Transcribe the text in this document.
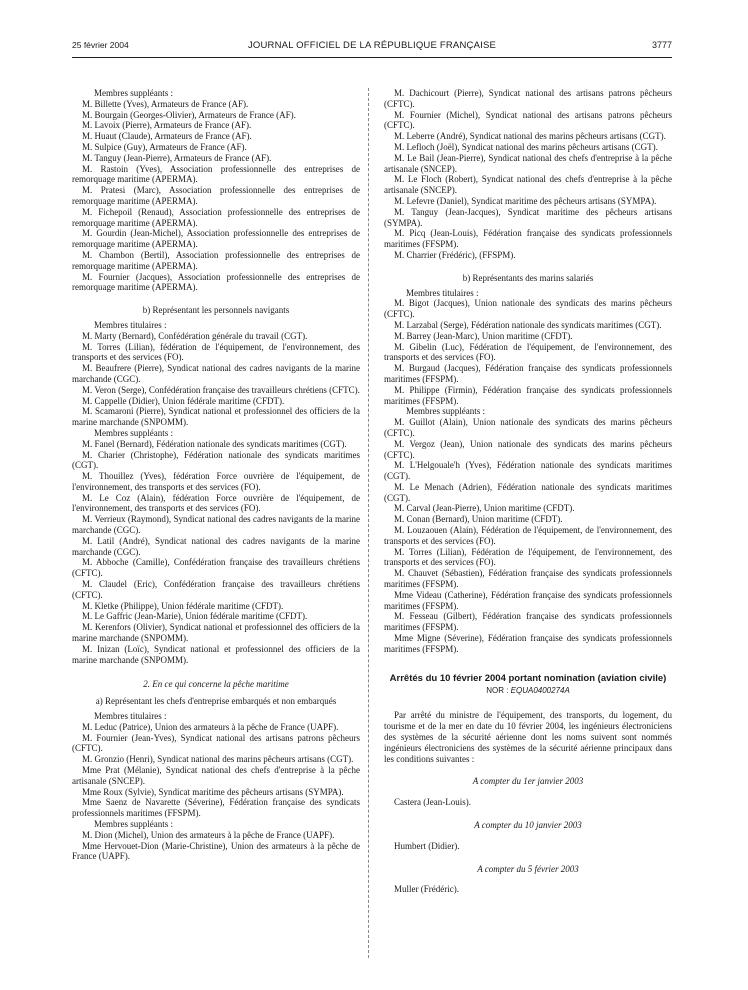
25 février 2004	JOURNAL OFFICIEL DE LA RÉPUBLIQUE FRANÇAISE	3777

Membres suppléants :

M. Billette (Yves), Armateurs de France (AF).

M. Bourgain (Georges-Olivier), Armateurs de France (AF).

M. Lavoix (Pierre), Armateurs de France (AF).

M. Huaut (Claude), Armateurs de France (AF).

M. Sulpice (Guy), Armateurs de France (AF).

M. Tanguy (Jean-Pierre), Armateurs de France (AF).

M. Rastoin (Yves), Association professionnelle des entreprises de remorquage maritime (APERMA).

M. Pratesi (Marc), Association professionnelle des entreprises de remorquage maritime (APERMA).

M. Fichepoil (Renaud), Association professionnelle des entreprises de remorquage maritime (APERMA).

M. Gourdin (Jean-Michel), Association professionnelle des entreprises de remorquage maritime (APERMA).

M. Chambon (Bertil), Association professionnelle des entreprises de remorquage maritime (APERMA).

M. Fournier (Jacques), Association professionnelle des entreprises de remorquage maritime (APERMA).

b) Représentant les personnels navigants

Membres titulaires :

M. Marty (Bernard), Confédération générale du travail (CGT).

M. Torres (Lilian), fédération de l'équipement, de l'environnement, des transports et des services (FO).

M. Beaufrere (Pierre), Syndicat national des cadres navigants de la marine marchande (CGC).

M. Veron (Serge), Confédération française des travailleurs chrétiens (CFTC).

M. Cappelle (Didier), Union fédérale maritime (CFDT).

M. Scamaroni (Pierre), Syndicat national et professionnel des officiers de la marine marchande (SNPOMM).

Membres suppléants :

M. Fanel (Bernard), Fédération nationale des syndicats maritimes (CGT).

M. Charier (Christophe), Fédération nationale des syndicats maritimes (CGT).

M. Thouillez (Yves), fédération Force ouvrière de l'équipement, de l'environnement, des transports et des services (FO).

M. Le Coz (Alain), fédération Force ouvrière de l'équipement, de l'environnement, des transports et des services (FO).

M. Verrieux (Raymond), Syndicat national des cadres navigants de la marine marchande (CGC).

M. Latil (André), Syndicat national des cadres navigants de la marine marchande (CGC).

M. Abboche (Camille), Confédération française des travailleurs chrétiens (CFTC).

M. Claudel (Eric), Confédération française des travailleurs chrétiens (CFTC).

M. Kletke (Philippe), Union fédérale maritime (CFDT).

M. Le Gaffric (Jean-Marie), Union fédérale maritime (CFDT).

M. Kerenfors (Olivier), Syndicat national et professionnel des officiers de la marine marchande (SNPOMM).

M. Inizan (Loïc), Syndicat national et professionnel des officiers de la marine marchande (SNPOMM).

2. En ce qui concerne la pêche maritime
a) Représentant les chefs d'entreprise embarqués et non embarqués

Membres titulaires :

M. Leduc (Patrice), Union des armateurs à la pêche de France (UAPF).

M. Fournier (Jean-Yves), Syndicat national des artisans patrons pêcheurs (CFTC).

M. Gronzio (Henri), Syndicat national des marins pêcheurs artisans (CGT).

Mme Prat (Mélanie), Syndicat national des chefs d'entreprise à la pêche artisanale (SNCEP).

Mme Roux (Sylvie), Syndicat maritime des pêcheurs artisans (SYMPA).

Mme Saenz de Navarette (Séverine), Fédération française des syndicats professionnels maritimes (FFSPM).

Membres suppléants :

M. Dion (Michel), Union des armateurs à la pêche de France (UAPF).

Mme Hervouet-Dion (Marie-Christine), Union des armateurs à la pêche de France (UAPF).

M. Dachicourt (Pierre), Syndicat national des artisans patrons pêcheurs (CFTC).

M. Fournier (Michel), Syndicat national des artisans patrons pêcheurs (CFTC).

M. Leberre (André), Syndicat national des marins pêcheurs artisans (CGT).

M. Lefloch (Joël), Syndicat national des marins pêcheurs artisans (CGT).

M. Le Bail (Jean-Pierre), Syndicat national des chefs d'entreprise à la pêche artisanale (SNCEP).

M. Le Floch (Robert), Syndicat national des chefs d'entreprise à la pêche artisanale (SNCEP).

M. Lefevre (Daniel), Syndicat maritime des pêcheurs artisans (SYMPA).

M. Tanguy (Jean-Jacques), Syndicat maritime des pêcheurs artisans (SYMPA).

M. Picq (Jean-Louis), Fédération française des syndicats professionnels maritimes (FFSPM).

M. Charrier (Frédéric), (FFSPM).

b) Représentants des marins salariés

Membres titulaires :

M. Bigot (Jacques), Union nationale des syndicats des marins pêcheurs (CFTC).

M. Larzabal (Serge), Fédération nationale des syndicats maritimes (CGT).

M. Barrey (Jean-Marc), Union maritime (CFDT).

M. Gibelin (Luc), Fédération de l'équipement, de l'environnement, des transports et des services (FO).

M. Burgaud (Jacques), Fédération française des syndicats professionnels maritimes (FFSPM).

M. Philippe (Firmin), Fédération française des syndicats professionnels maritimes (FFSPM).

Membres suppléants :

M. Guillot (Alain), Union nationale des syndicats des marins pêcheurs (CFTC).

M. Vergoz (Jean), Union nationale des syndicats des marins pêcheurs (CFTC).

M. L'Helgouale'h (Yves), Fédération nationale des syndicats maritimes (CGT).

M. Le Menach (Adrien), Fédération nationale des syndicats maritimes (CGT).

M. Carval (Jean-Pierre), Union maritime (CFDT).

M. Conan (Bernard), Union maritime (CFDT).

M. Louzaouen (Alain), Fédération de l'équipement, de l'environnement, des transports et des services (FO).

M. Torres (Lilian), Fédération de l'équipement, de l'environnement, des transports et des services (FO).

M. Chauvet (Sébastien), Fédération française des syndicats professionnels maritimes (FFSPM).

Mme Videau (Catherine), Fédération française des syndicats professionnels maritimes (FFSPM).

M. Fesseau (Gilbert), Fédération française des syndicats professionnels maritimes (FFSPM).

Mme Migne (Séverine), Fédération française des syndicats professionnels maritimes (FFSPM).

Arrêtés du 10 février 2004 portant nomination (aviation civile)
NOR : EQUA0400274A

Par arrêté du ministre de l'équipement, des transports, du logement, du tourisme et de la mer en date du 10 février 2004, les ingénieurs électroniciens des systèmes de la sécurité aérienne dont les noms suivent sont nommés ingénieurs électroniciens des systèmes de la sécurité aérienne principaux dans les conditions suivantes :

A compter du 1er janvier 2003

Castera (Jean-Louis).

A compter du 10 janvier 2003

Humbert (Didier).

A compter du 5 février 2003

Muller (Frédéric).
